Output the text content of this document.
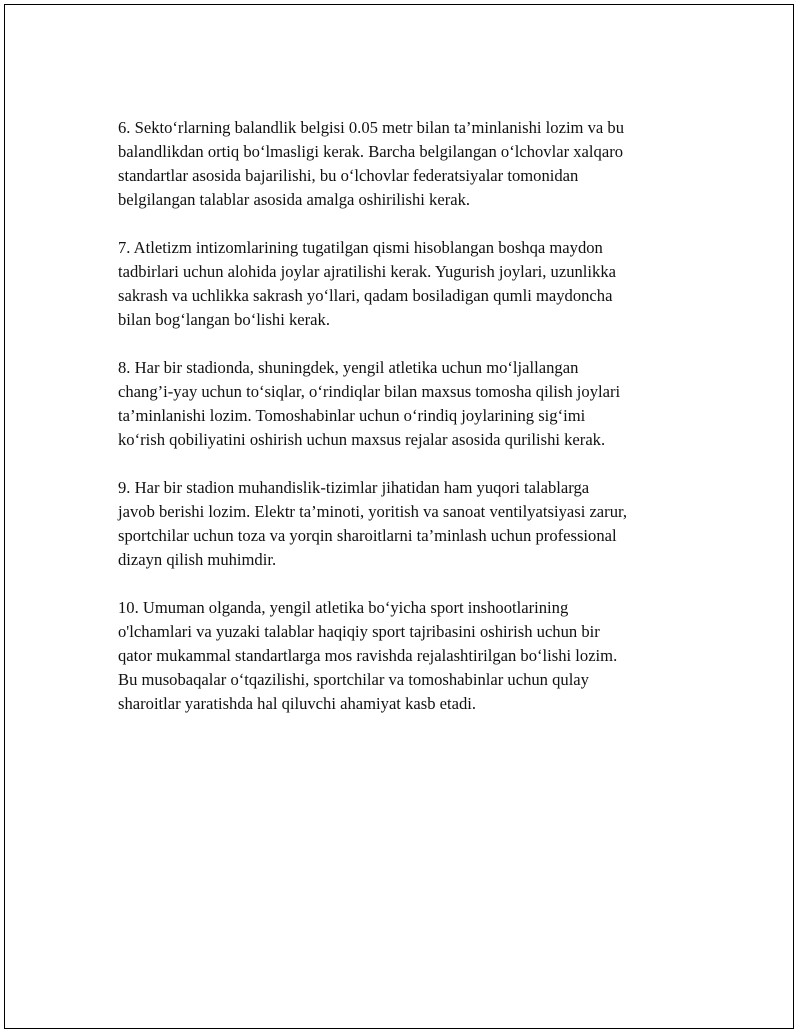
6. Sekto‘rlarning balandlik belgisi 0.05 metr bilan ta’minlanishi lozim va bu
balandlikdan ortiq bo‘lmasligi kerak. Barcha belgilangan o‘lchovlar xalqaro
standartlar asosida bajarilishi, bu o‘lchovlar federatsiyalar tomonidan
belgilangan talablar asosida amalga oshirilishi kerak.

7. Atletizm intizomlarining tugatilgan qismi hisoblangan boshqa maydon
tadbirlari uchun alohida joylar ajratilishi kerak. Yugurish joylari, uzunlikka
sakrash va uchlikka sakrash yo‘llari, qadam bosiladigan qumli maydoncha
bilan bog‘langan bo‘lishi kerak.

8. Har bir stadionda, shuningdek, yengil atletika uchun mo‘ljallangan
chang’i-yay uchun to‘siqlar, o‘rindiqlar bilan maxsus tomosha qilish joylari
ta’minlanishi lozim. Tomoshabinlar uchun o‘rindiq joylarining sig‘imi
ko‘rish qobiliyatini oshirish uchun maxsus rejalar asosida qurilishi kerak.

9. Har bir stadion muhandislik-tizimlar jihatidan ham yuqori talablarga
javob berishi lozim. Elektr ta’minoti, yoritish va sanoat ventilyatsiyasi zarur,
sportchilar uchun toza va yorqin sharoitlarni ta’minlash uchun professional
dizayn qilish muhimdir.

10. Umuman olganda, yengil atletika bo‘yicha sport inshootlarining
o'lchamlari va yuzaki talablar haqiqiy sport tajribasini oshirish uchun bir
qator mukammal standartlarga mos ravishda rejalashtirilgan bo‘lishi lozim.
Bu musobaqalar o‘tqazilishi, sportchilar va tomoshabinlar uchun qulay
sharoitlar yaratishda hal qiluvchi ahamiyat kasb etadi.
